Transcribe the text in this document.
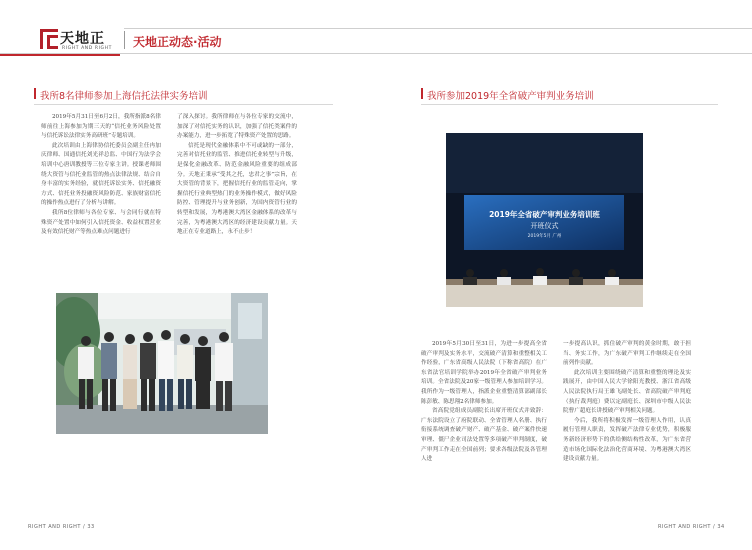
天地正
RIGHT AND RIGHT 天地正动态·活动
我所8名律师参加上海信托法律实务培训

2019年5月31日至6月2日，我所指派8名律师前往上海参加为期三天的“信托业务风险处置与信托诉讼法律实务高研班”专题培训。

此次培训由上海律协信托委员会副主任冉加庆律师、国通信托刘光祥总监、中国行为法学会培训中心唐训教授等三位专家主讲。授课老师围绕大资管与信托业监管的热点法律法规、结合自身丰富的实务经验，就信托诉讼实务、信托融资方式、信托业务投融资风险防范、家族财富信托的操作热点进行了分析与讲解。

我所8位律师与各位专家、与会同行就在特殊资产处置中如何引入信托资金、收益权置营业及有效信托财产等热点难点问题进行

了深入探讨。我所律师在与各位专家的交流中，加深了对信托实务的认识，加强了信托类案件的办案能力，进一步拓宽了特殊资产处置的思路。

信托是现代金融体系中不可或缺的一部分，完善对信托业的监管、推进信托业转型与升级，是保化金融改革、防范金融风险重要的组成部分。天地正秉承“受其之托，忠君之事”宗旨，在大资管的背景下，把握信托行业的监管走向，掌握信托行业典型热门的业务操作模式，做好风险防控、管理提升与业务创新，为国内资管行业的转型和发展，为粤港澳大湾区金融体系的改革与完善，为粤港澳大湾区的经济建设贡献力量。天地正在专业道路上，永不止步！

我所参加2019年全省破产审判业务培训
2019年全省破产审判业务培训班
开班仪式
2019年5月 广州

2019年5月30日至31日，为进一步提高全省破产审判及实务水平，交流破产清算和重整相关工作经验，广东省高级人民法院（下称省高院）在广东省法官培训学院举办2019年全省破产审判业务培训。全省法院及20家一级管理人参加培训学习。我所作为一级管理人，指派企业重整清算部副部长陈彭敏、陈思翔2名律师参加。

省高院党组成员副院长出席开班仪式并致辞：广东法院设立了府院联动、全省管理人名册、执行衔接系统调查破产财产、破产基金、破产案件快速审理、僵尸企业司法处置等多项破产审判制度，破产审判工作走在全国前列；要求各级法院及各管理人进

一步提高认识，抓住破产审判的黄金时期，敢于担当、务实工作，为广东破产审判工作继续走在全国前列作贡献。

此次培训主要围绕破产清算和重整的理论及实践展开，由中国人民大学徐阳光教授、浙江省高级人民法院执行局王雄飞副处长、省高院破产审判庭（执行裁判庭）费以定副庭长、深圳市中级人民法院曹广超庭长讲授破产审判相关问题。

今后，我所将积极发挥一级管理人作用，认真履行管理人职责，发挥破产法律专业优势，积极服务新经济形势下的供给侧结构性改革，为广东省营造市场化国际化法治化营商环境、为粤港澳大湾区建设贡献力量。

RIGHT AND RIGHT / 33	RIGHT AND RIGHT / 34
